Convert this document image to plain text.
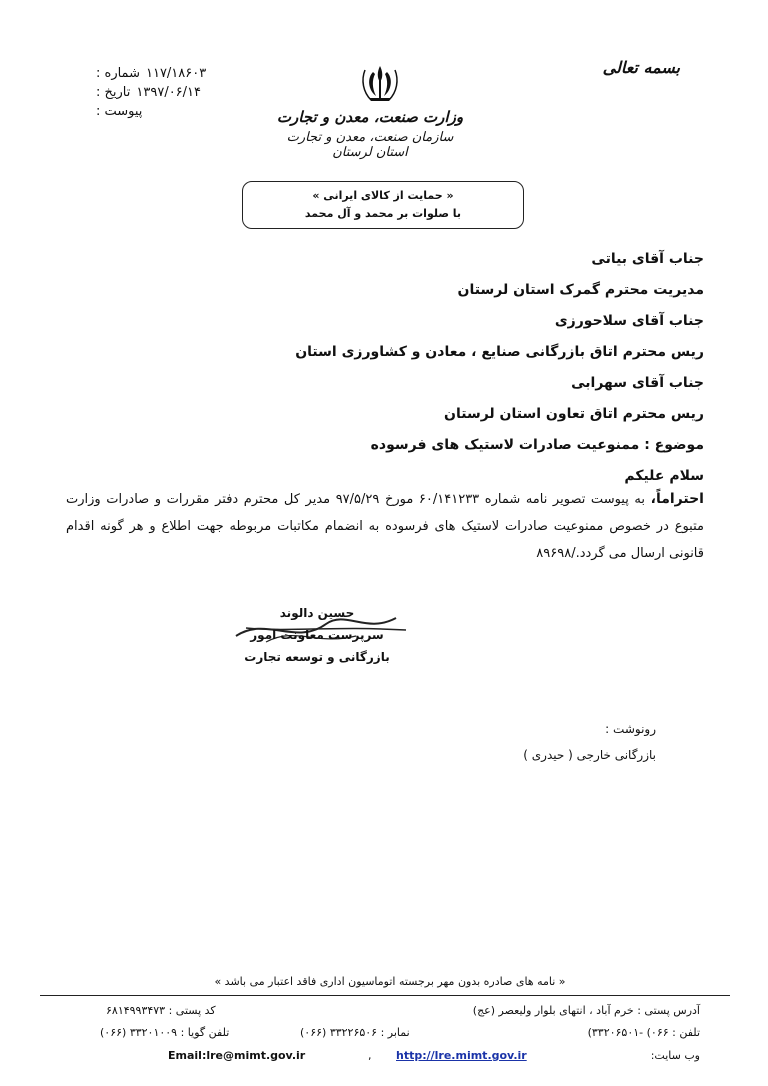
بسمه تعالی
شماره : ۱۱۷/۱۸۶۰۳
تاریخ : ۱۳۹۷/۰۶/۱۴
پیوست :	وزارت صنعت، معدن و تجارت
سازمان صنعت، معدن و تجارت استان لرستان
« حمایت از کالای ایرانی »
با صلوات بر محمد و آل محمد
جناب آقای بیاتی
مدیریت محترم گمرک استان لرستان
جناب آقای سلاحورزی
ریس محترم اتاق بازرگانی صنایع ، معادن و کشاورزی استان
جناب آقای سهرابی
ریس محترم اتاق تعاون استان لرستان
موضوع : ممنوعیت صادرات لاستیک های فرسوده
سلام علیکم
احتراماً، به پیوست تصویر نامه شماره ۶۰/۱۴۱۲۳۳ مورخ ۹۷/۵/۲۹ مدیر کل محترم دفتر مقررات و صادرات وزارت متبوع در خصوص ممنوعیت صادرات لاستیک های فرسوده به انضمام مکاتبات مربوطه جهت اطلاع و هر گونه اقدام قانونی ارسال می گردد./۸۹۶۹۸
حسین دالوند
سرپرست معاونت امور
بازرگانی و توسعه تجارت
رونوشت :
بازرگانی خارجی ( حیدری )
« نامه های صادره بدون مهر برجسته اتوماسیون اداری فاقد اعتبار می باشد »
آدرس پستی : خرم آباد ، انتهای بلوار ولیعصر (عج)
کد پستی : ۶۸۱۴۹۹۳۴۷۳
تلفن : ۰۶۶) -۳۳۲۰۶۵۰۱)
نمابر : ۳۳۲۲۶۵۰۶ (۰۶۶)
تلفن گویا : ۳۳۲۰۱۰۰۹ (۰۶۶)
وب سایت:
http://lre.mimt.gov.ir
,
Email:lre@mimt.gov.ir
